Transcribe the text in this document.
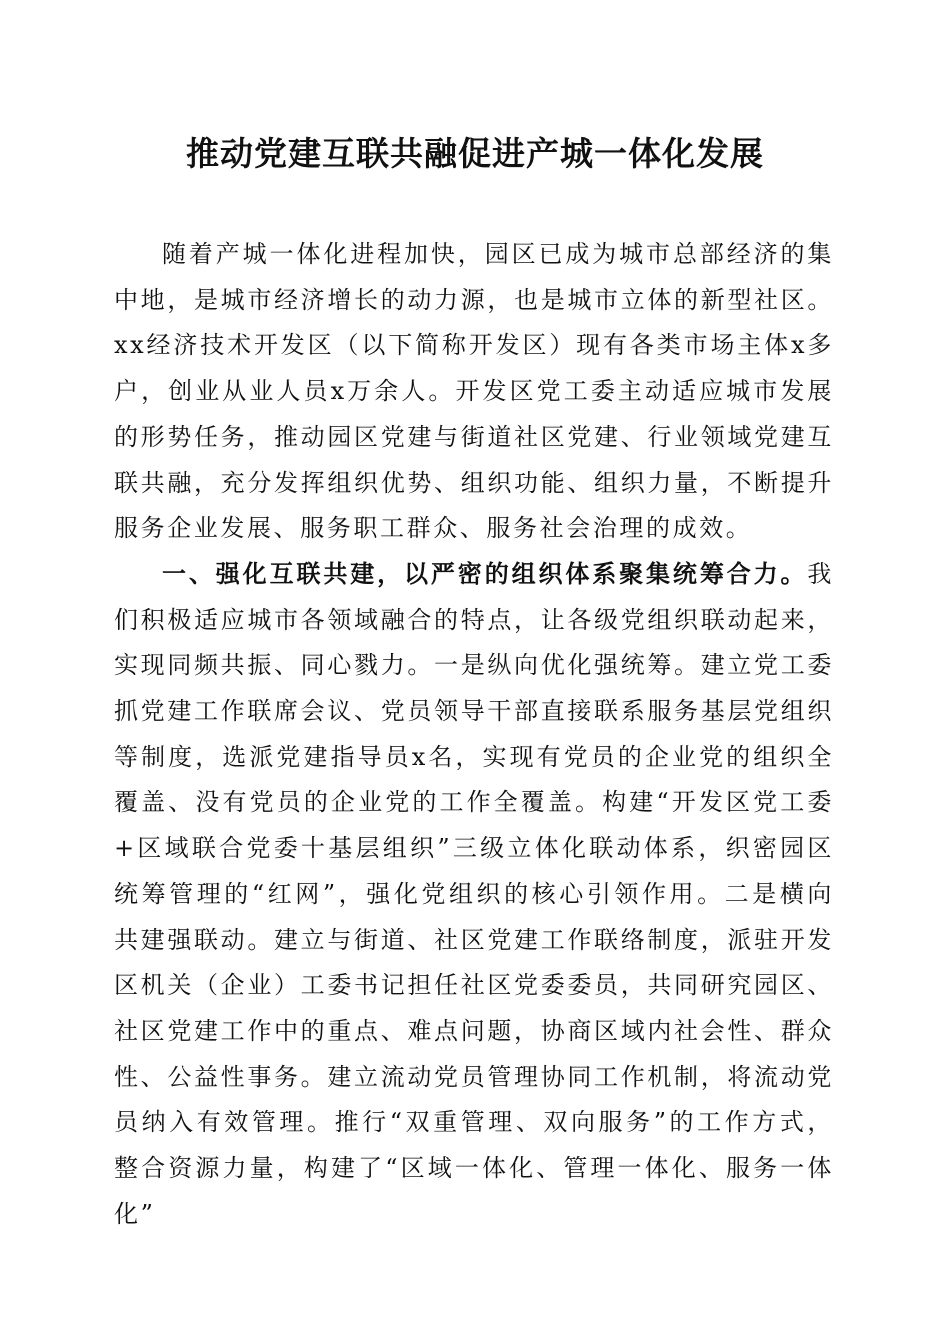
推动党建互联共融促进产城一体化发展

随着产城一体化进程加快，园区已成为城市总部经济的集中地，是城市经济增长的动力源，也是城市立体的新型社区。xx经济技术开发区（以下简称开发区）现有各类市场主体x多户，创业从业人员x万余人。开发区党工委主动适应城市发展的形势任务，推动园区党建与街道社区党建、行业领域党建互联共融，充分发挥组织优势、组织功能、组织力量，不断提升服务企业发展、服务职工群众、服务社会治理的成效。

一、强化互联共建，以严密的组织体系聚集统筹合力。我们积极适应城市各领域融合的特点，让各级党组织联动起来，实现同频共振、同心戮力。一是纵向优化强统筹。建立党工委抓党建工作联席会议、党员领导干部直接联系服务基层党组织等制度，选派党建指导员x名，实现有党员的企业党的组织全覆盖、没有党员的企业党的工作全覆盖。构建“开发区党工委+区域联合党委十基层组织”三级立体化联动体系，织密园区统筹管理的“红网”，强化党组织的核心引领作用。二是横向共建强联动。建立与街道、社区党建工作联络制度，派驻开发区机关（企业）工委书记担任社区党委委员，共同研究园区、社区党建工作中的重点、难点问题，协商区域内社会性、群众性、公益性事务。建立流动党员管理协同工作机制，将流动党员纳入有效管理。推行“双重管理、双向服务”的工作方式，整合资源力量，构建了“区域一体化、管理一体化、服务一体化”
